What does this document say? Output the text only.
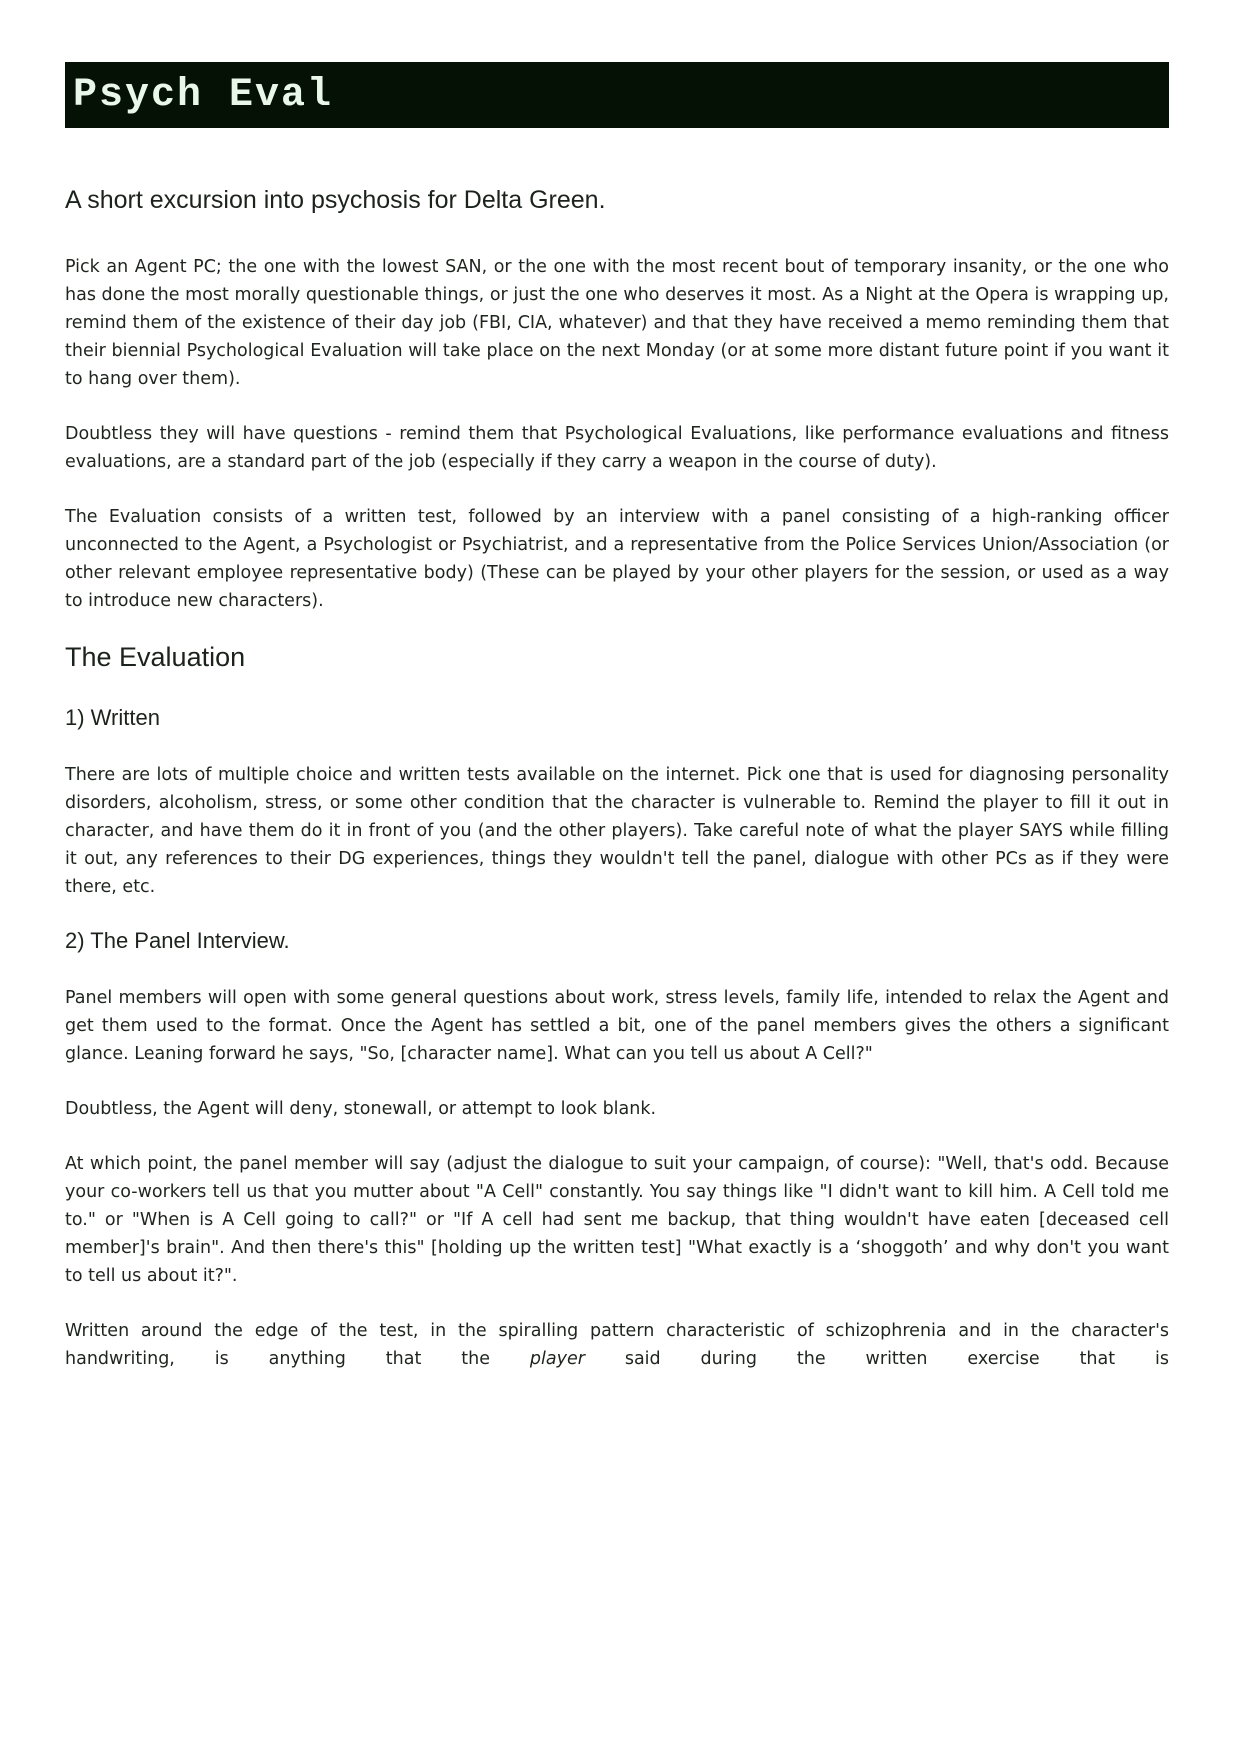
Psych Eval
A short excursion into psychosis for Delta Green.

Pick an Agent PC; the one with the lowest SAN, or the one with the most recent bout of temporary insanity, or the one who has done the most morally questionable things, or just the one who deserves it most. As a Night at the Opera is wrapping up, remind them of the existence of their day job (FBI, CIA, whatever) and that they have received a memo reminding them that their biennial Psychological Evaluation will take place on the next Monday (or at some more distant future point if you want it to hang over them).

Doubtless they will have questions - remind them that Psychological Evaluations, like performance evaluations and fitness evaluations, are a standard part of the job (especially if they carry a weapon in the course of duty).

The Evaluation consists of a written test, followed by an interview with a panel consisting of a high-ranking officer unconnected to the Agent, a Psychologist or Psychiatrist, and a representative from the Police Services Union/Association (or other relevant employee representative body) (These can be played by your other players for the session, or used as a way to introduce new characters).

The Evaluation
1) Written

There are lots of multiple choice and written tests available on the internet. Pick one that is used for diagnosing personality disorders, alcoholism, stress, or some other condition that the character is vulnerable to. Remind the player to fill it out in character, and have them do it in front of you (and the other players). Take careful note of what the player SAYS while filling it out, any references to their DG experiences, things they wouldn't tell the panel, dialogue with other PCs as if they were there, etc.

2) The Panel Interview.

Panel members will open with some general questions about work, stress levels, family life, intended to relax the Agent and get them used to the format. Once the Agent has settled a bit, one of the panel members gives the others a significant glance. Leaning forward he says, "So, [character name]. What can you tell us about A Cell?"

Doubtless, the Agent will deny, stonewall, or attempt to look blank.

At which point, the panel member will say (adjust the dialogue to suit your campaign, of course): "Well, that's odd. Because your co-workers tell us that you mutter about "A Cell" constantly. You say things like "I didn't want to kill him. A Cell told me to." or "When is A Cell going to call?" or "If A cell had sent me backup, that thing wouldn't have eaten [deceased cell member]'s brain". And then there's this" [holding up the written test] "What exactly is a ‘shoggoth’ and why don't you want to tell us about it?".

Written around the edge of the test, in the spiralling pattern characteristic of schizophrenia and in the character's handwriting, is anything that the player said during the written exercise that is
